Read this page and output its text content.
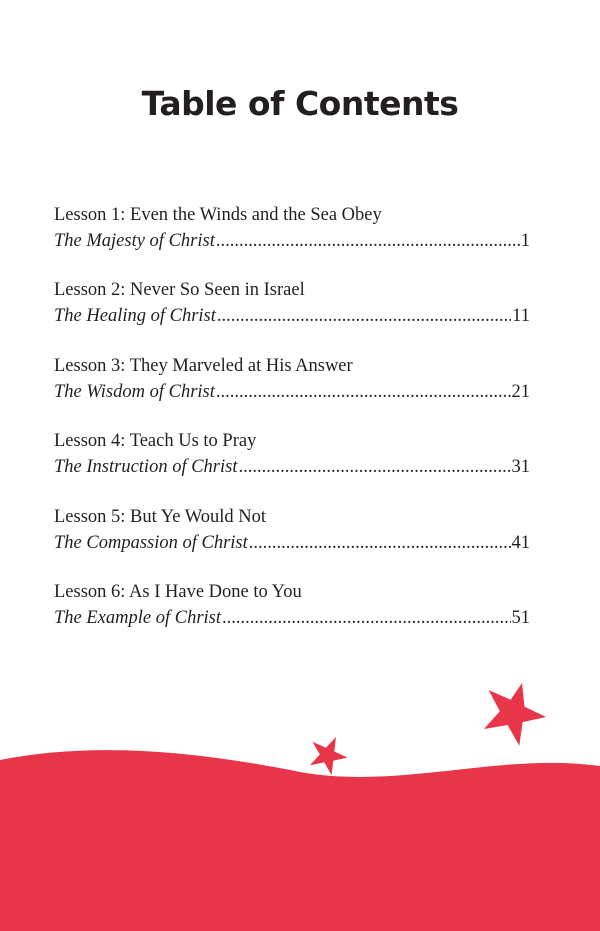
Table of Contents
Lesson 1: Even the Winds and the Sea Obey
The Majesty of Christ .....	1
Lesson 2: Never So Seen in Israel
The Healing of Christ .....	11
Lesson 3: They Marveled at His Answer
The Wisdom of Christ .....	21
Lesson 4: Teach Us to Pray
The Instruction of Christ .....	31
Lesson 5: But Ye Would Not
The Compassion of Christ .....	41
Lesson 6: As I Have Done to You
The Example of Christ .....	51
